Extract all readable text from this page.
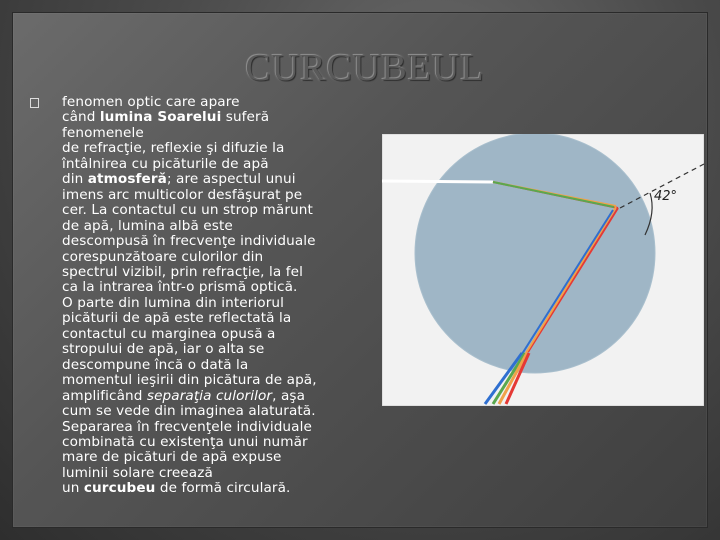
CURCUBEUL
fenomen optic care apare
când lumina Soarelui suferă
fenomenele
de refracţie, reflexie şi difuzie la
întâlnirea cu picăturile de apă
din atmosferă; are aspectul unui
imens arc multicolor desfăşurat pe
cer. La contactul cu un strop mărunt
de apă, lumina albă este
descompusă în frecvenţe individuale
corespunzătoare culorilor din
spectrul vizibil, prin refracţie, la fel
ca la intrarea într-o prismă optică.
O parte din lumina din interiorul
picăturii de apă este reflectată la
contactul cu marginea opusă a
stropului de apă, iar o alta se
descompune încă o dată la
momentul ieşirii din picătura de apă,
amplificând separaţia culorilor, aşa
cum se vede din imaginea alaturată.
Separarea în frecvenţele individuale
combinată cu existenţa unui număr
mare de picături de apă expuse
luminii solare creează
un curcubeu de formă circulară.
42°
